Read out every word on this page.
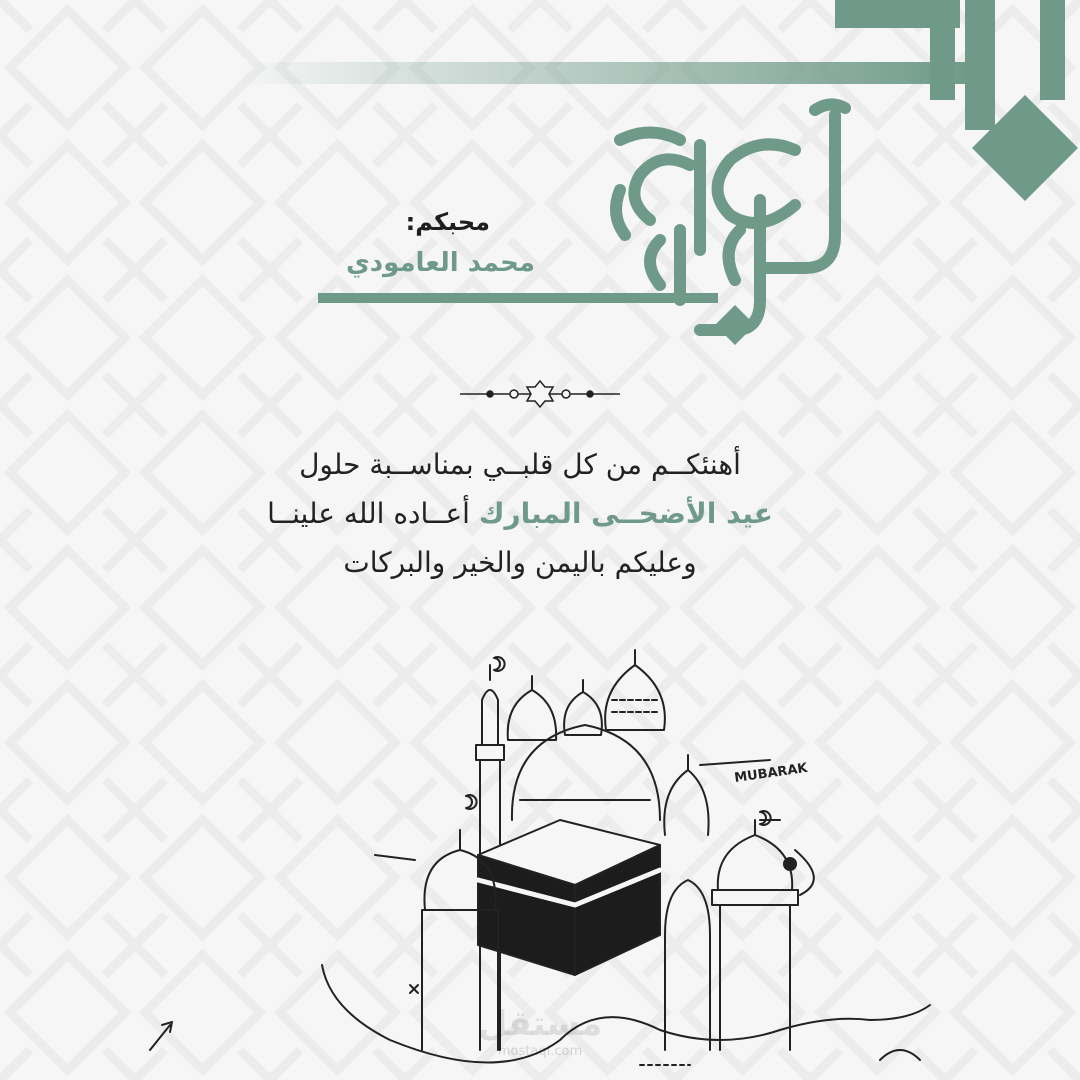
محبكم:
محمد العامودي
أهنئكــم من كل قلبــي بمناســبة حلول
عيد الأضحــى المبارك أعــاده الله علينــا
وعليكم باليمن والخير والبركات
MUBARAK
مستقل
mostaql.com
